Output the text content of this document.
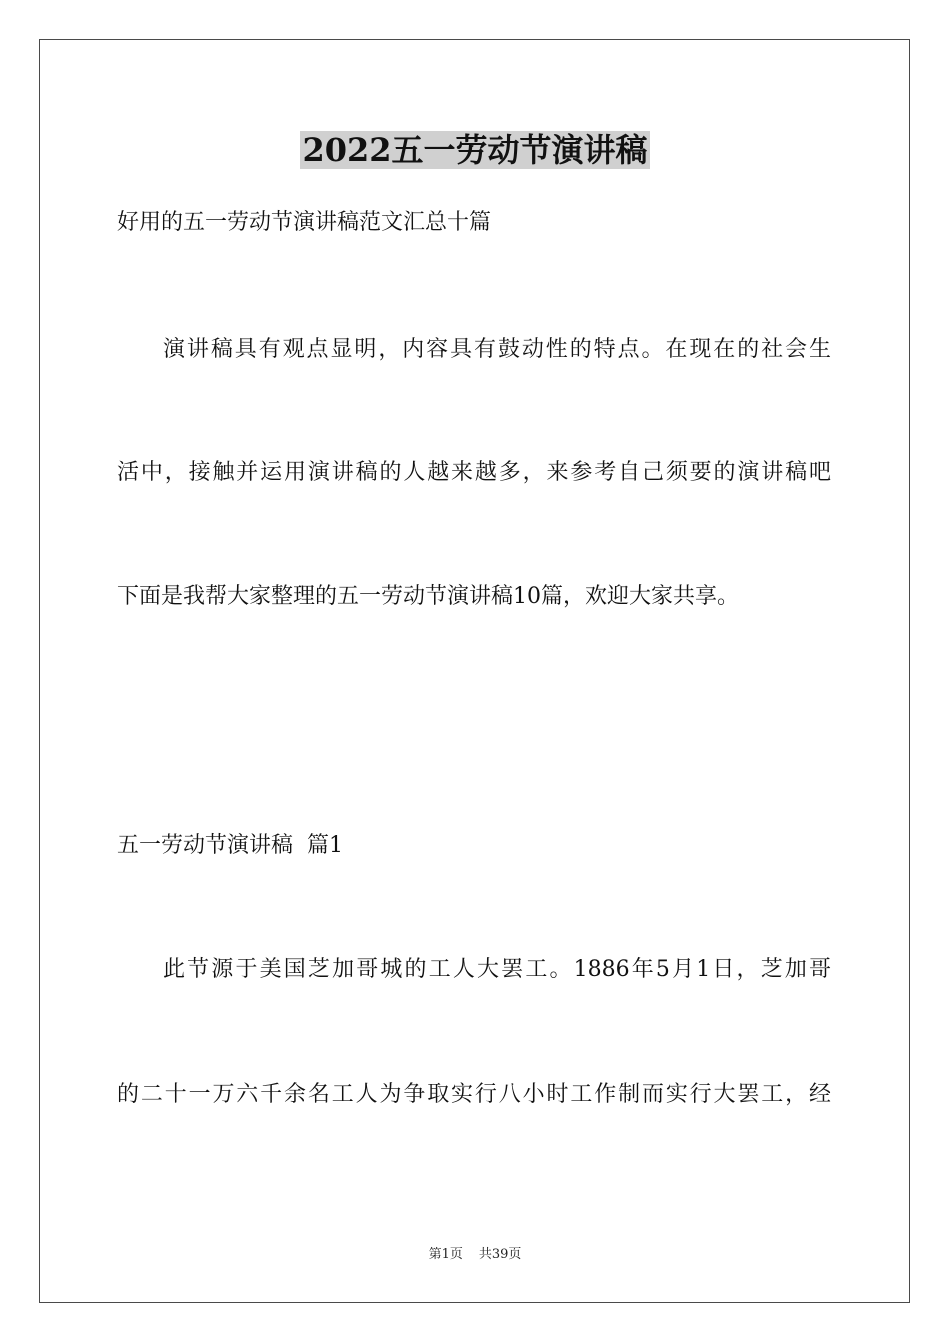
2022五一劳动节演讲稿
好用的五一劳动节演讲稿范文汇总十篇
演讲稿具有观点显明，内容具有鼓动性的特点。在现在的社会生
活中，接触并运用演讲稿的人越来越多，来参考自己须要的演讲稿吧
下面是我帮大家整理的五一劳动节演讲稿10篇，欢迎大家共享。
五一劳动节演讲稿  篇1
此节源于美国芝加哥城的工人大罢工。1886年5月1日，芝加哥
的二十一万六千余名工人为争取实行八小时工作制而实行大罢工，经
第1页 共39页
